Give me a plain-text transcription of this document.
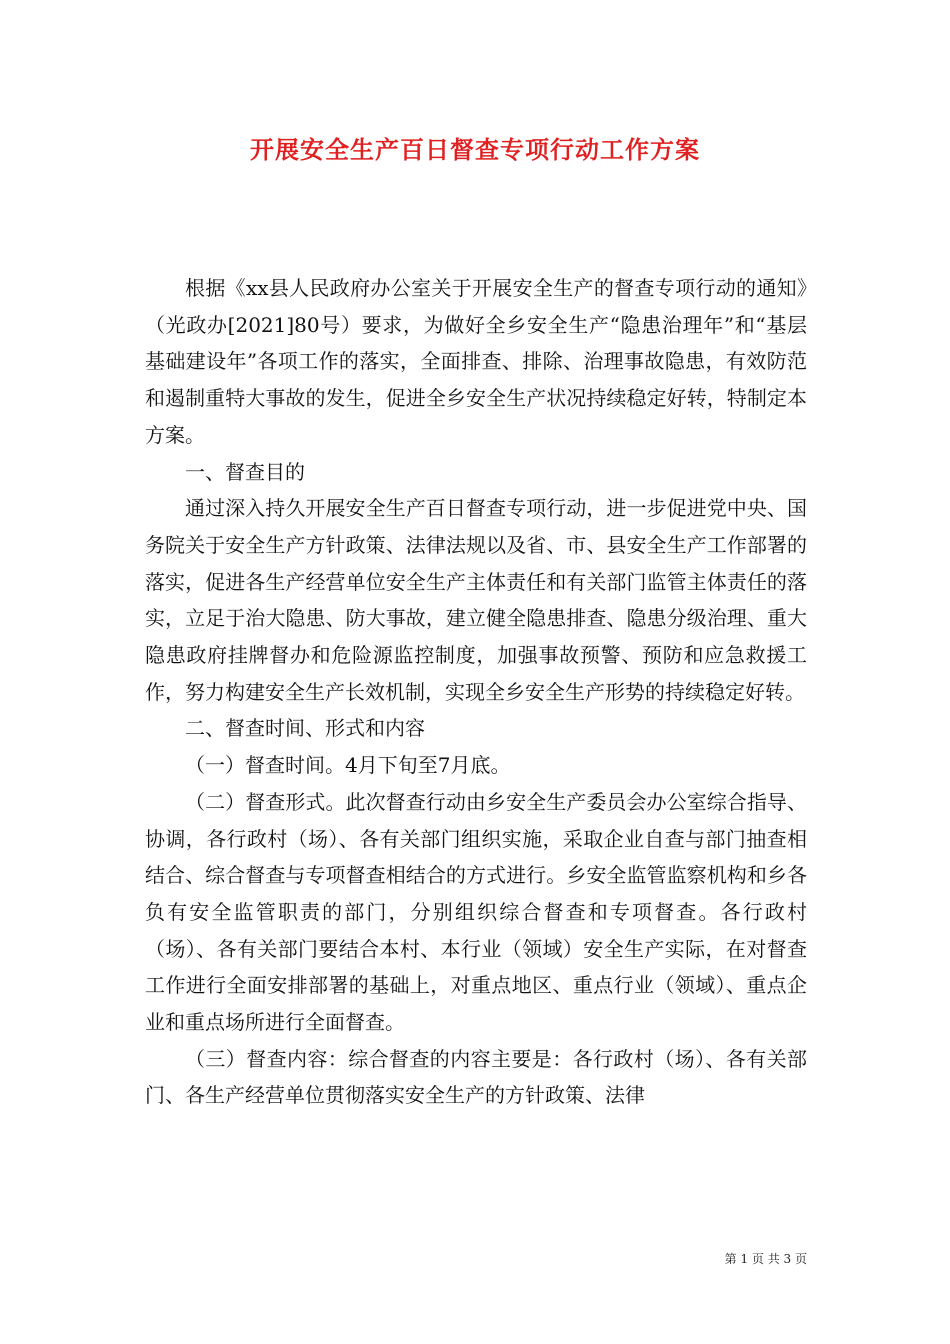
开展安全生产百日督查专项行动工作方案

根据《xx县人民政府办公室关于开展安全生产的督查专项行动的通知》（光政办[2021]80号）要求，为做好全乡安全生产“隐患治理年”和“基层基础建设年”各项工作的落实，全面排查、排除、治理事故隐患，有效防范和遏制重特大事故的发生，促进全乡安全生产状况持续稳定好转，特制定本方案。

一、督查目的

通过深入持久开展安全生产百日督查专项行动，进一步促进党中央、国务院关于安全生产方针政策、法律法规以及省、市、县安全生产工作部署的落实，促进各生产经营单位安全生产主体责任和有关部门监管主体责任的落实，立足于治大隐患、防大事故，建立健全隐患排查、隐患分级治理、重大隐患政府挂牌督办和危险源监控制度，加强事故预警、预防和应急救援工作，努力构建安全生产长效机制，实现全乡安全生产形势的持续稳定好转。

二、督查时间、形式和内容

（一）督查时间。4月下旬至7月底。

（二）督查形式。此次督查行动由乡安全生产委员会办公室综合指导、协调，各行政村（场）、各有关部门组织实施，采取企业自查与部门抽查相结合、综合督查与专项督查相结合的方式进行。乡安全监管监察机构和乡各负有安全监管职责的部门，分别组织综合督查和专项督查。各行政村（场）、各有关部门要结合本村、本行业（领域）安全生产实际，在对督查工作进行全面安排部署的基础上，对重点地区、重点行业（领域）、重点企业和重点场所进行全面督查。

（三）督查内容：综合督查的内容主要是：各行政村（场）、各有关部门、各生产经营单位贯彻落实安全生产的方针政策、法律

第 1 页 共 3 页
